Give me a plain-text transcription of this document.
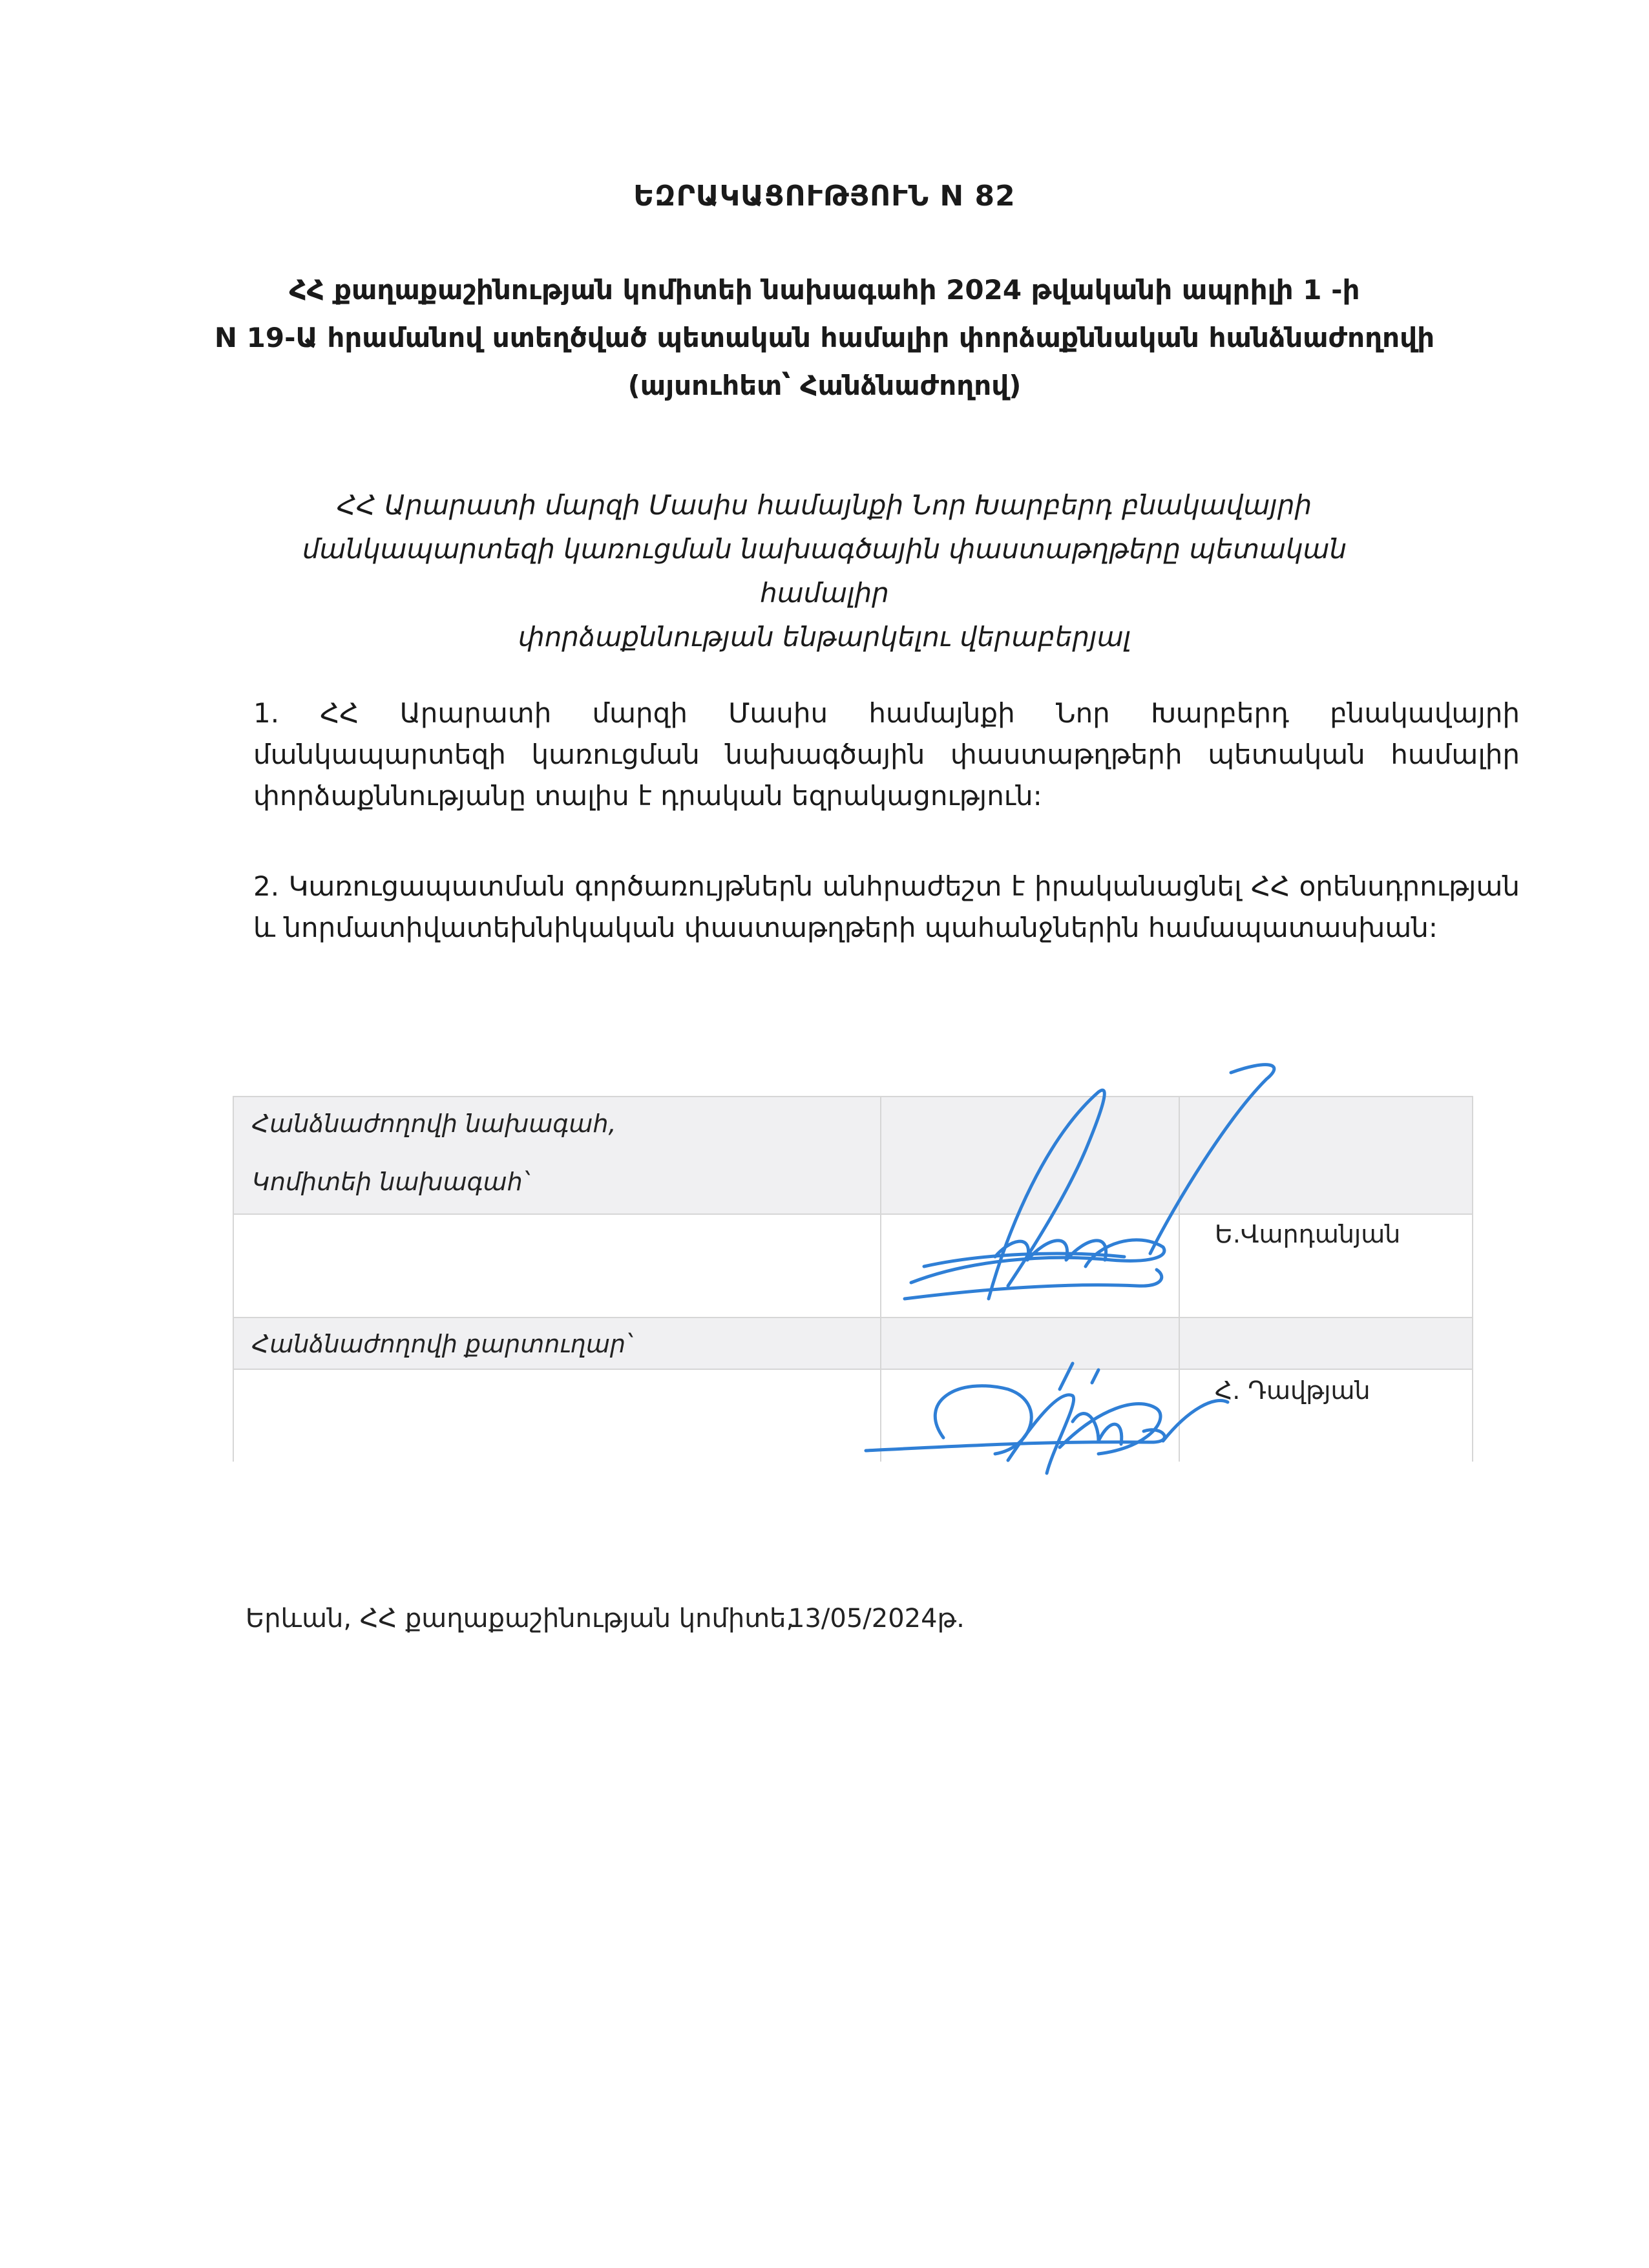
ԵԶՐԱԿԱՑՈՒԹՅՈՒՆ N 82
ՀՀ քաղաքաշինության կոմիտեի նախագահի 2024 թվականի ապրիլի 1 -ի
N 19-Ա հրամանով ստեղծված պետական համալիր փորձաքննական հանձնաժողովի
(այսուհետ՝ Հանձնաժողով)
ՀՀ Արարատի մարզի Մասիս համայնքի Նոր Խարբերդ բնակավայրի
մանկապարտեզի կառուցման նախագծային փաստաթղթերը պետական համալիր
փորձաքննության ենթարկելու վերաբերյալ
1. ՀՀ Արարատի մարզի Մասիս համայնքի Նոր Խարբերդ բնակավայրի մանկապարտեզի կառուցման նախագծային փաստաթղթերի պետական համալիր փորձաքննությանը տալիս է դրական եզրակացություն:
2. Կառուցապատման գործառույթներն անհրաժեշտ է իրականացնել ՀՀ օրենսդրության և նորմատիվատեխնիկական փաստաթղթերի պահանջներին համապատասխան:
Հանձնաժողովի նախագահ,
Կոմիտեի նախագահ՝
Ե.Վարդանյան
Հանձնաժողովի քարտուղար՝
Հ. Դավթյան
Երևան, ՀՀ քաղաքաշինության կոմիտե,13/05/2024թ.
